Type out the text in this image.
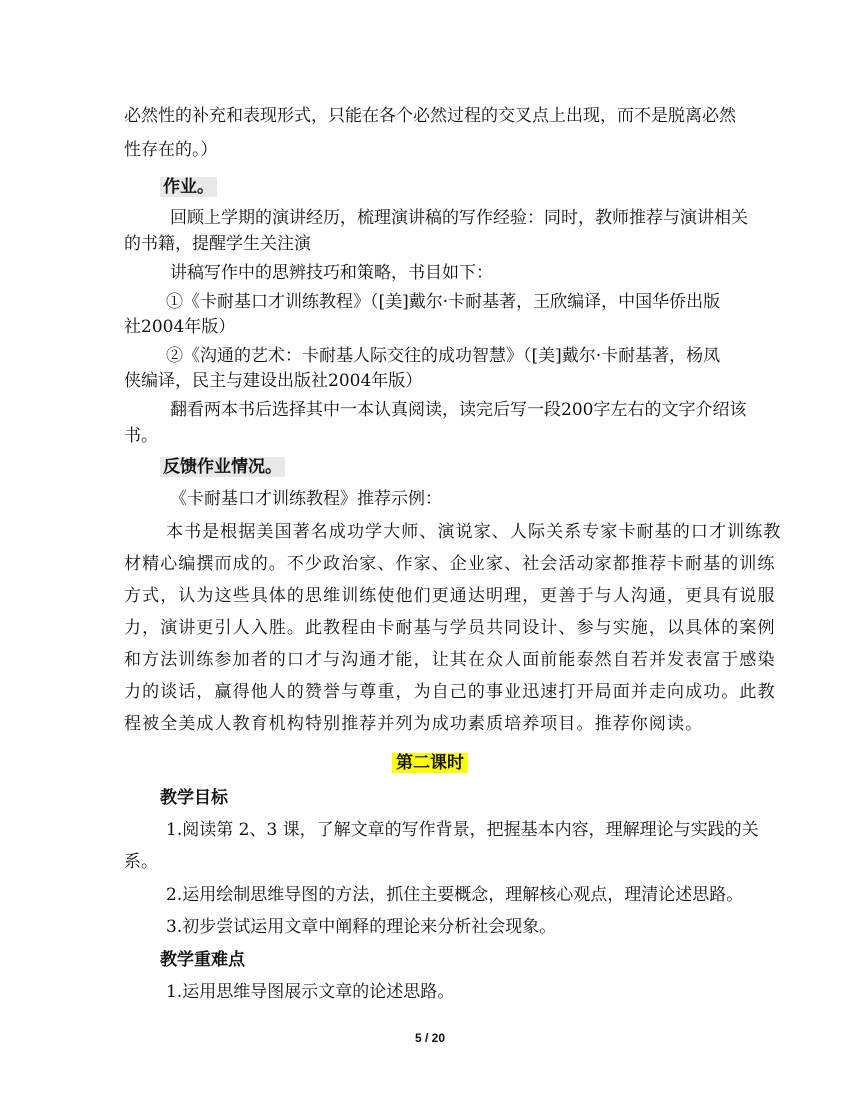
必然性的补充和表现形式，只能在各个必然过程的交叉点上出现，而不是脱离必然
性存在的。）
作业。
回顾上学期的演讲经历，梳理演讲稿的写作经验：同时，教师推荐与演讲相关
的书籍，提醒学生关注演
讲稿写作中的思辨技巧和策略，书目如下：
①《卡耐基口才训练教程》（[美]戴尔·卡耐基著，王欣编译，中国华侨出版
社2004年版）
②《沟通的艺术：卡耐基人际交往的成功智慧》（[美]戴尔·卡耐基著，杨凤
侠编译，民主与建设出版社2004年版）
翻看两本书后选择其中一本认真阅读，读完后写一段200字左右的文字介绍该
书。
反馈作业情况。
《卡耐基口才训练教程》推荐示例：
本书是根据美国著名成功学大师、演说家、人际关系专家卡耐基的口才训练教
材精心编撰而成的。不少政治家、作家、企业家、社会活动家都推荐卡耐基的训练
方式，认为这些具体的思维训练使他们更通达明理，更善于与人沟通，更具有说服
力，演讲更引人入胜。此教程由卡耐基与学员共同设计、参与实施，以具体的案例
和方法训练参加者的口才与沟通才能，让其在众人面前能泰然自若并发表富于感染
力的谈话，赢得他人的赞誉与尊重，为自己的事业迅速打开局面并走向成功。此教
程被全美成人教育机构特别推荐并列为成功素质培养项目。推荐你阅读。
第二课时
教学目标
1.阅读第 2、3 课，了解文章的写作背景，把握基本内容，理解理论与实践的关
系。
2.运用绘制思维导图的方法，抓住主要概念，理解核心观点，理清论述思路。
3.初步尝试运用文章中阐释的理论来分析社会现象。
教学重难点
1.运用思维导图展示文章的论述思路。
5 / 20
